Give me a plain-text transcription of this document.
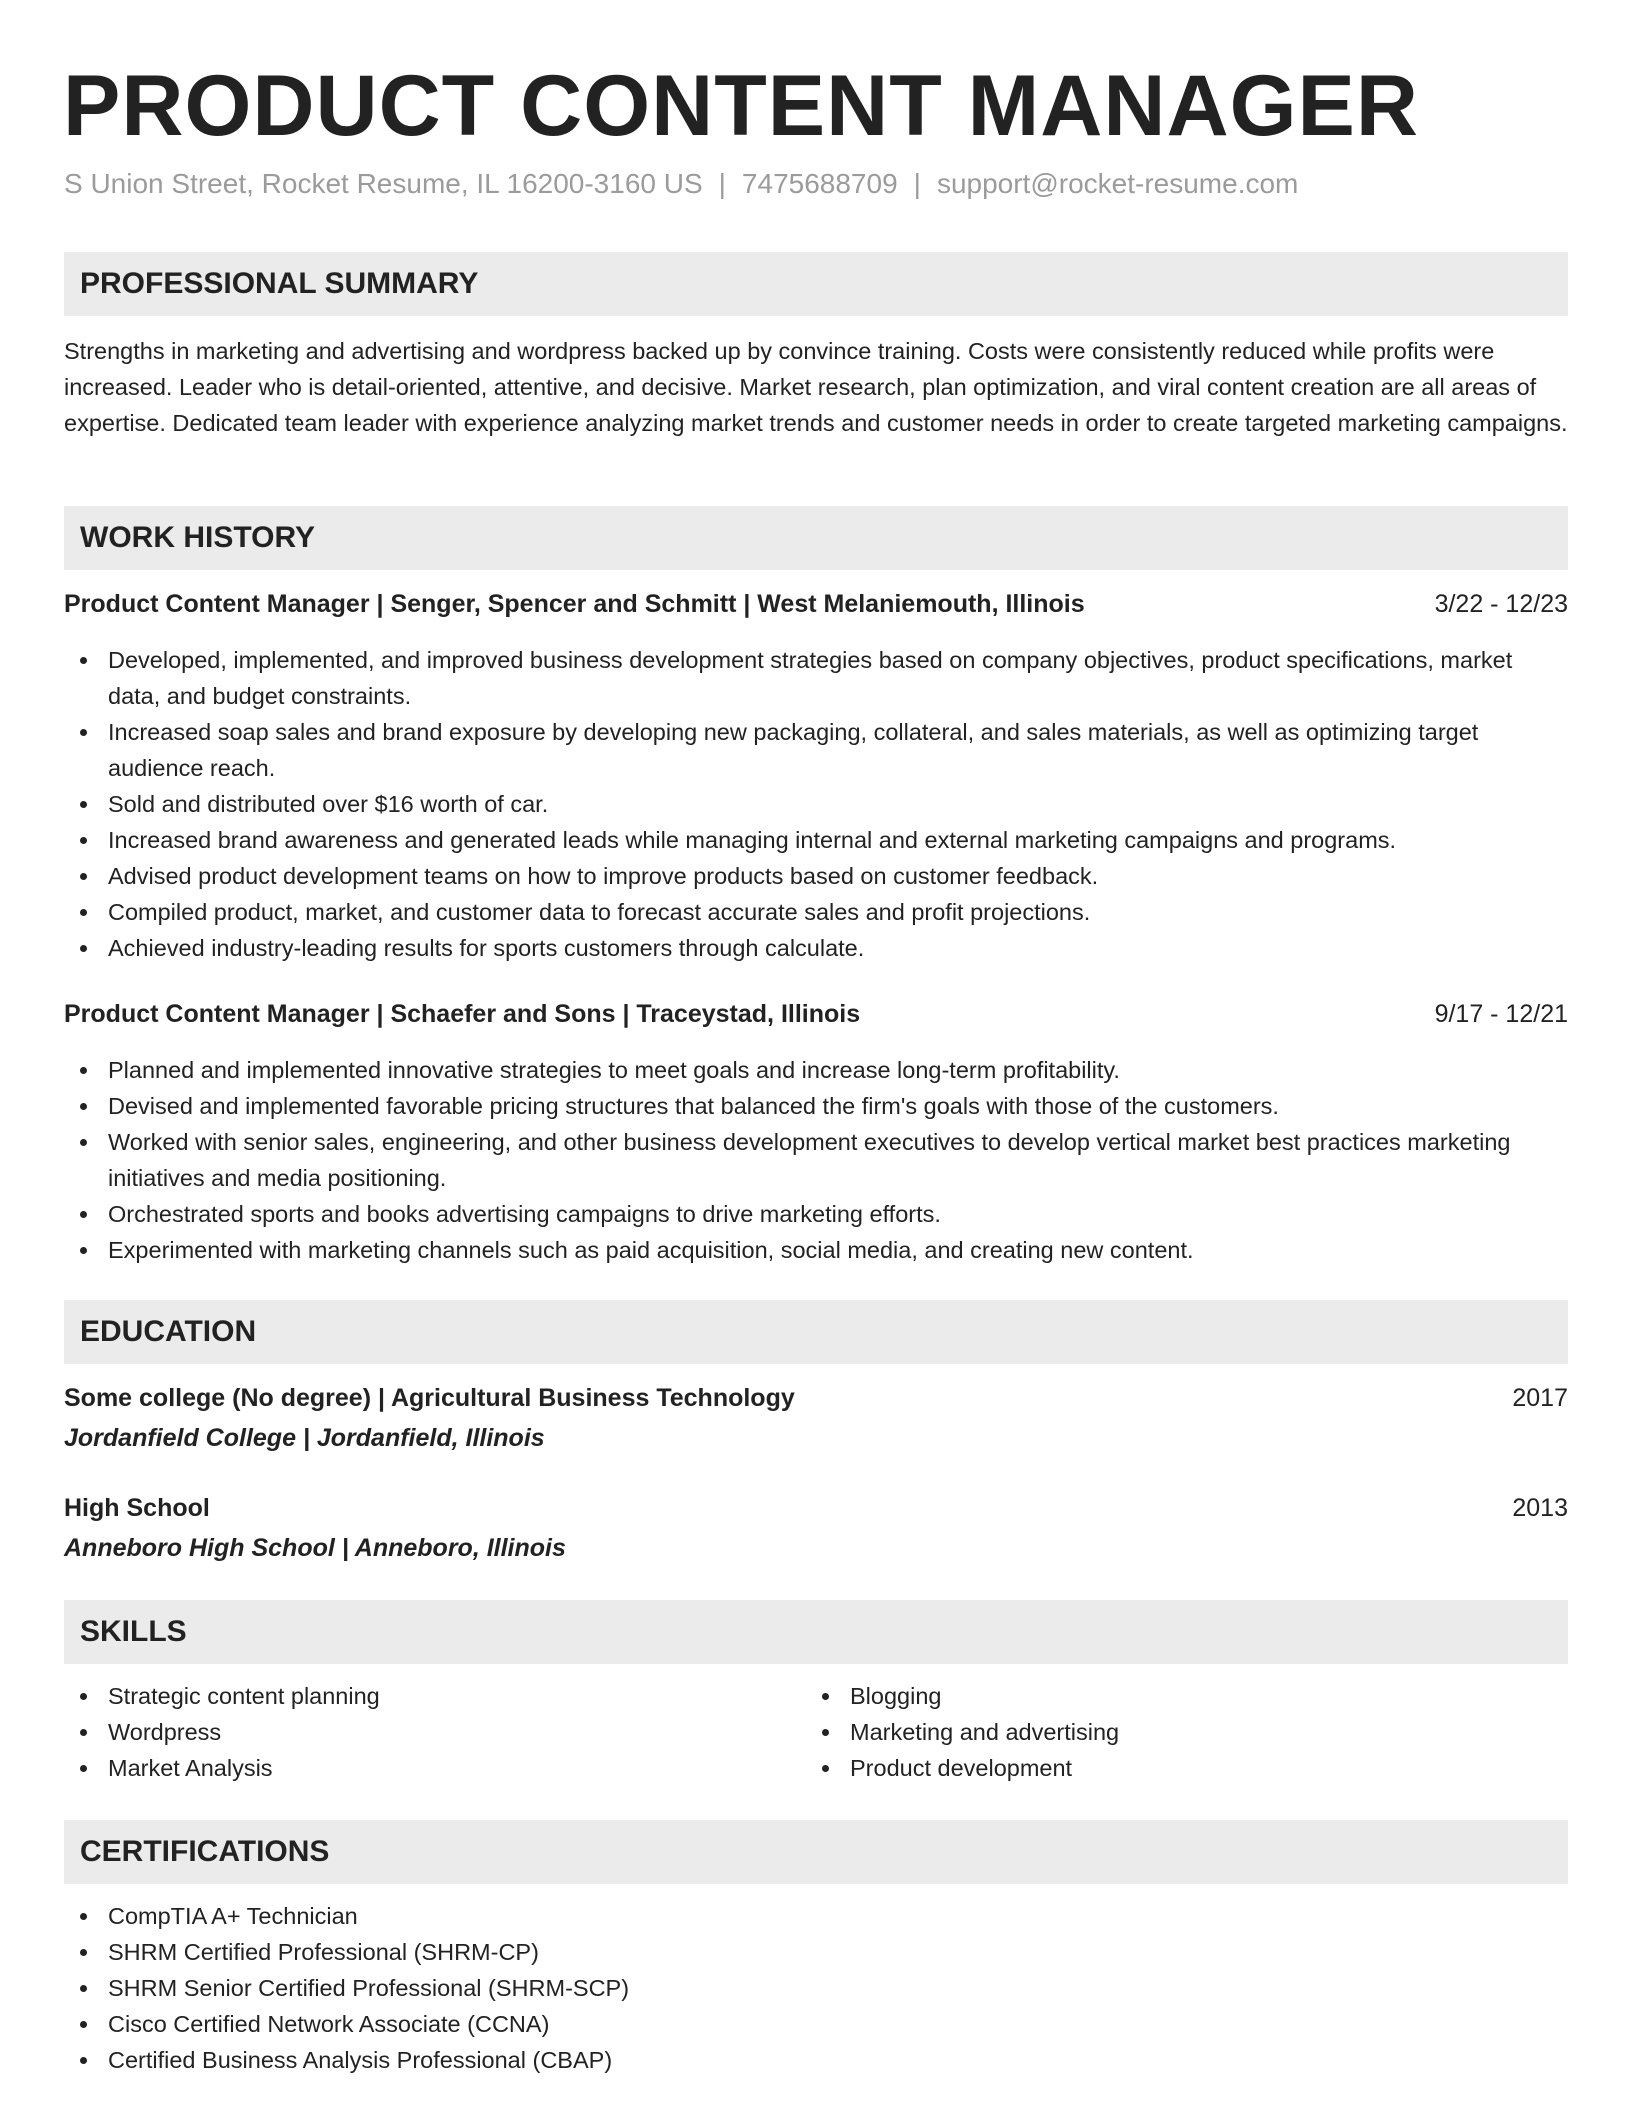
PRODUCT CONTENT MANAGER
S Union Street, Rocket Resume, IL 16200-3160 US | 7475688709 | support@rocket-resume.com
PROFESSIONAL SUMMARY

Strengths in marketing and advertising and wordpress backed up by convince training. Costs were consistently reduced while profits were increased. Leader who is detail-oriented, attentive, and decisive. Market research, plan optimization, and viral content creation are all areas of expertise. Dedicated team leader with experience analyzing market trends and customer needs in order to create targeted marketing campaigns.

WORK HISTORY
Product Content Manager | Senger, Spencer and Schmitt | West Melaniemouth, Illinois	3/22 - 12/23
Developed, implemented, and improved business development strategies based on company objectives, product specifications, market data, and budget constraints.
Increased soap sales and brand exposure by developing new packaging, collateral, and sales materials, as well as optimizing target audience reach.
Sold and distributed over $16 worth of car.
Increased brand awareness and generated leads while managing internal and external marketing campaigns and programs.
Advised product development teams on how to improve products based on customer feedback.
Compiled product, market, and customer data to forecast accurate sales and profit projections.
Achieved industry-leading results for sports customers through calculate.
Product Content Manager | Schaefer and Sons | Traceystad, Illinois	9/17 - 12/21
Planned and implemented innovative strategies to meet goals and increase long-term profitability.
Devised and implemented favorable pricing structures that balanced the firm's goals with those of the customers.
Worked with senior sales, engineering, and other business development executives to develop vertical market best practices marketing initiatives and media positioning.
Orchestrated sports and books advertising campaigns to drive marketing efforts.
Experimented with marketing channels such as paid acquisition, social media, and creating new content.
EDUCATION
Some college (No degree) | Agricultural Business Technology	2017
Jordanfield College | Jordanfield, Illinois
High School	2013
Anneboro High School | Anneboro, Illinois
SKILLS
Strategic content planning
Wordpress
Market Analysis
Blogging
Marketing and advertising
Product development
CERTIFICATIONS
CompTIA A+ Technician
SHRM Certified Professional (SHRM-CP)
SHRM Senior Certified Professional (SHRM-SCP)
Cisco Certified Network Associate (CCNA)
Certified Business Analysis Professional (CBAP)
